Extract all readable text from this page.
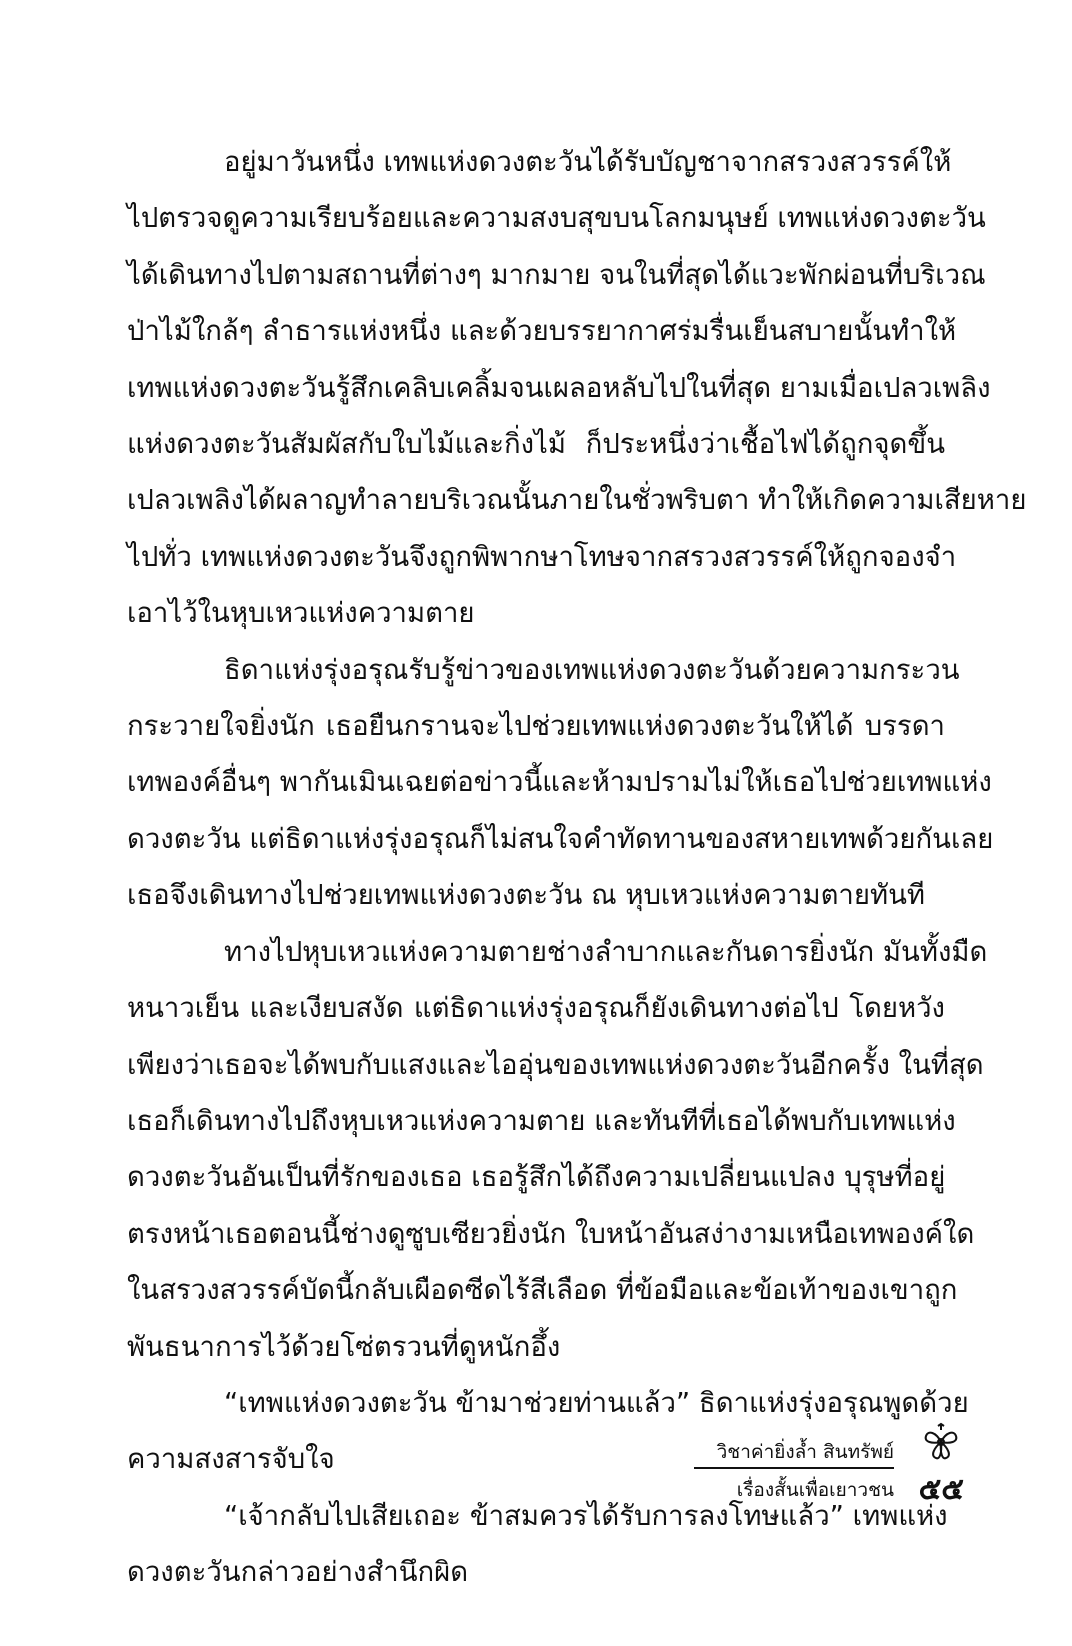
อยู่มาวันหนึ่ง เทพแห่งดวงตะวันได้รับบัญชาจากสรวงสวรรค์ให้
ไปตรวจดูความเรียบร้อยและความสงบสุขบนโลกมนุษย์ เทพแห่งดวงตะวัน
ได้เดินทางไปตามสถานที่ต่างๆ มากมาย จนในที่สุดได้แวะพักผ่อนที่บริเวณ
ป่าไม้ใกล้ๆ ลำธารแห่งหนึ่ง และด้วยบรรยากาศร่มรื่นเย็นสบายนั้นทำให้
เทพแห่งดวงตะวันรู้สึกเคลิบเคลิ้มจนเผลอหลับไปในที่สุด ยามเมื่อเปลวเพลิง
แห่งดวงตะวันสัมผัสกับใบไม้และกิ่งไม้ ก็ประหนึ่งว่าเชื้อไฟได้ถูกจุดขึ้น
เปลวเพลิงได้ผลาญทำลายบริเวณนั้นภายในชั่วพริบตา ทำให้เกิดความเสียหาย
ไปทั่ว เทพแห่งดวงตะวันจึงถูกพิพากษาโทษจากสรวงสวรรค์ให้ถูกจองจำ
เอาไว้ในหุบเหวแห่งความตาย

ธิดาแห่งรุ่งอรุณรับรู้ข่าวของเทพแห่งดวงตะวันด้วยความกระวน
กระวายใจยิ่งนัก เธอยืนกรานจะไปช่วยเทพแห่งดวงตะวันให้ได้ บรรดา
เทพองค์อื่นๆ พากันเมินเฉยต่อข่าวนี้และห้ามปรามไม่ให้เธอไปช่วยเทพแห่ง
ดวงตะวัน แต่ธิดาแห่งรุ่งอรุณก็ไม่สนใจคำทัดทานของสหายเทพด้วยกันเลย
เธอจึงเดินทางไปช่วยเทพแห่งดวงตะวัน ณ หุบเหวแห่งความตายทันที

ทางไปหุบเหวแห่งความตายช่างลำบากและกันดารยิ่งนัก มันทั้งมืด
หนาวเย็น และเงียบสงัด แต่ธิดาแห่งรุ่งอรุณก็ยังเดินทางต่อไป โดยหวัง
เพียงว่าเธอจะได้พบกับแสงและไออุ่นของเทพแห่งดวงตะวันอีกครั้ง ในที่สุด
เธอก็เดินทางไปถึงหุบเหวแห่งความตาย และทันทีที่เธอได้พบกับเทพแห่ง
ดวงตะวันอันเป็นที่รักของเธอ เธอรู้สึกได้ถึงความเปลี่ยนแปลง บุรุษที่อยู่
ตรงหน้าเธอตอนนี้ช่างดูซูบเซียวยิ่งนัก ใบหน้าอันสง่างามเหนือเทพองค์ใด
ในสรวงสวรรค์บัดนี้กลับเผือดซีดไร้สีเลือด ที่ข้อมือและข้อเท้าของเขาถูก
พันธนาการไว้ด้วยโซ่ตรวนที่ดูหนักอึ้ง

“เทพแห่งดวงตะวัน ข้ามาช่วยท่านแล้ว” ธิดาแห่งรุ่งอรุณพูดด้วย
ความสงสารจับใจ

“เจ้ากลับไปเสียเถอะ ข้าสมควรได้รับการลงโทษแล้ว” เทพแห่ง
ดวงตะวันกล่าวอย่างสำนึกผิด

วิชาค่ายิ่งล้ำ สินทรัพย์
เรื่องสั้นเพื่อเยาวชน ๕๕
